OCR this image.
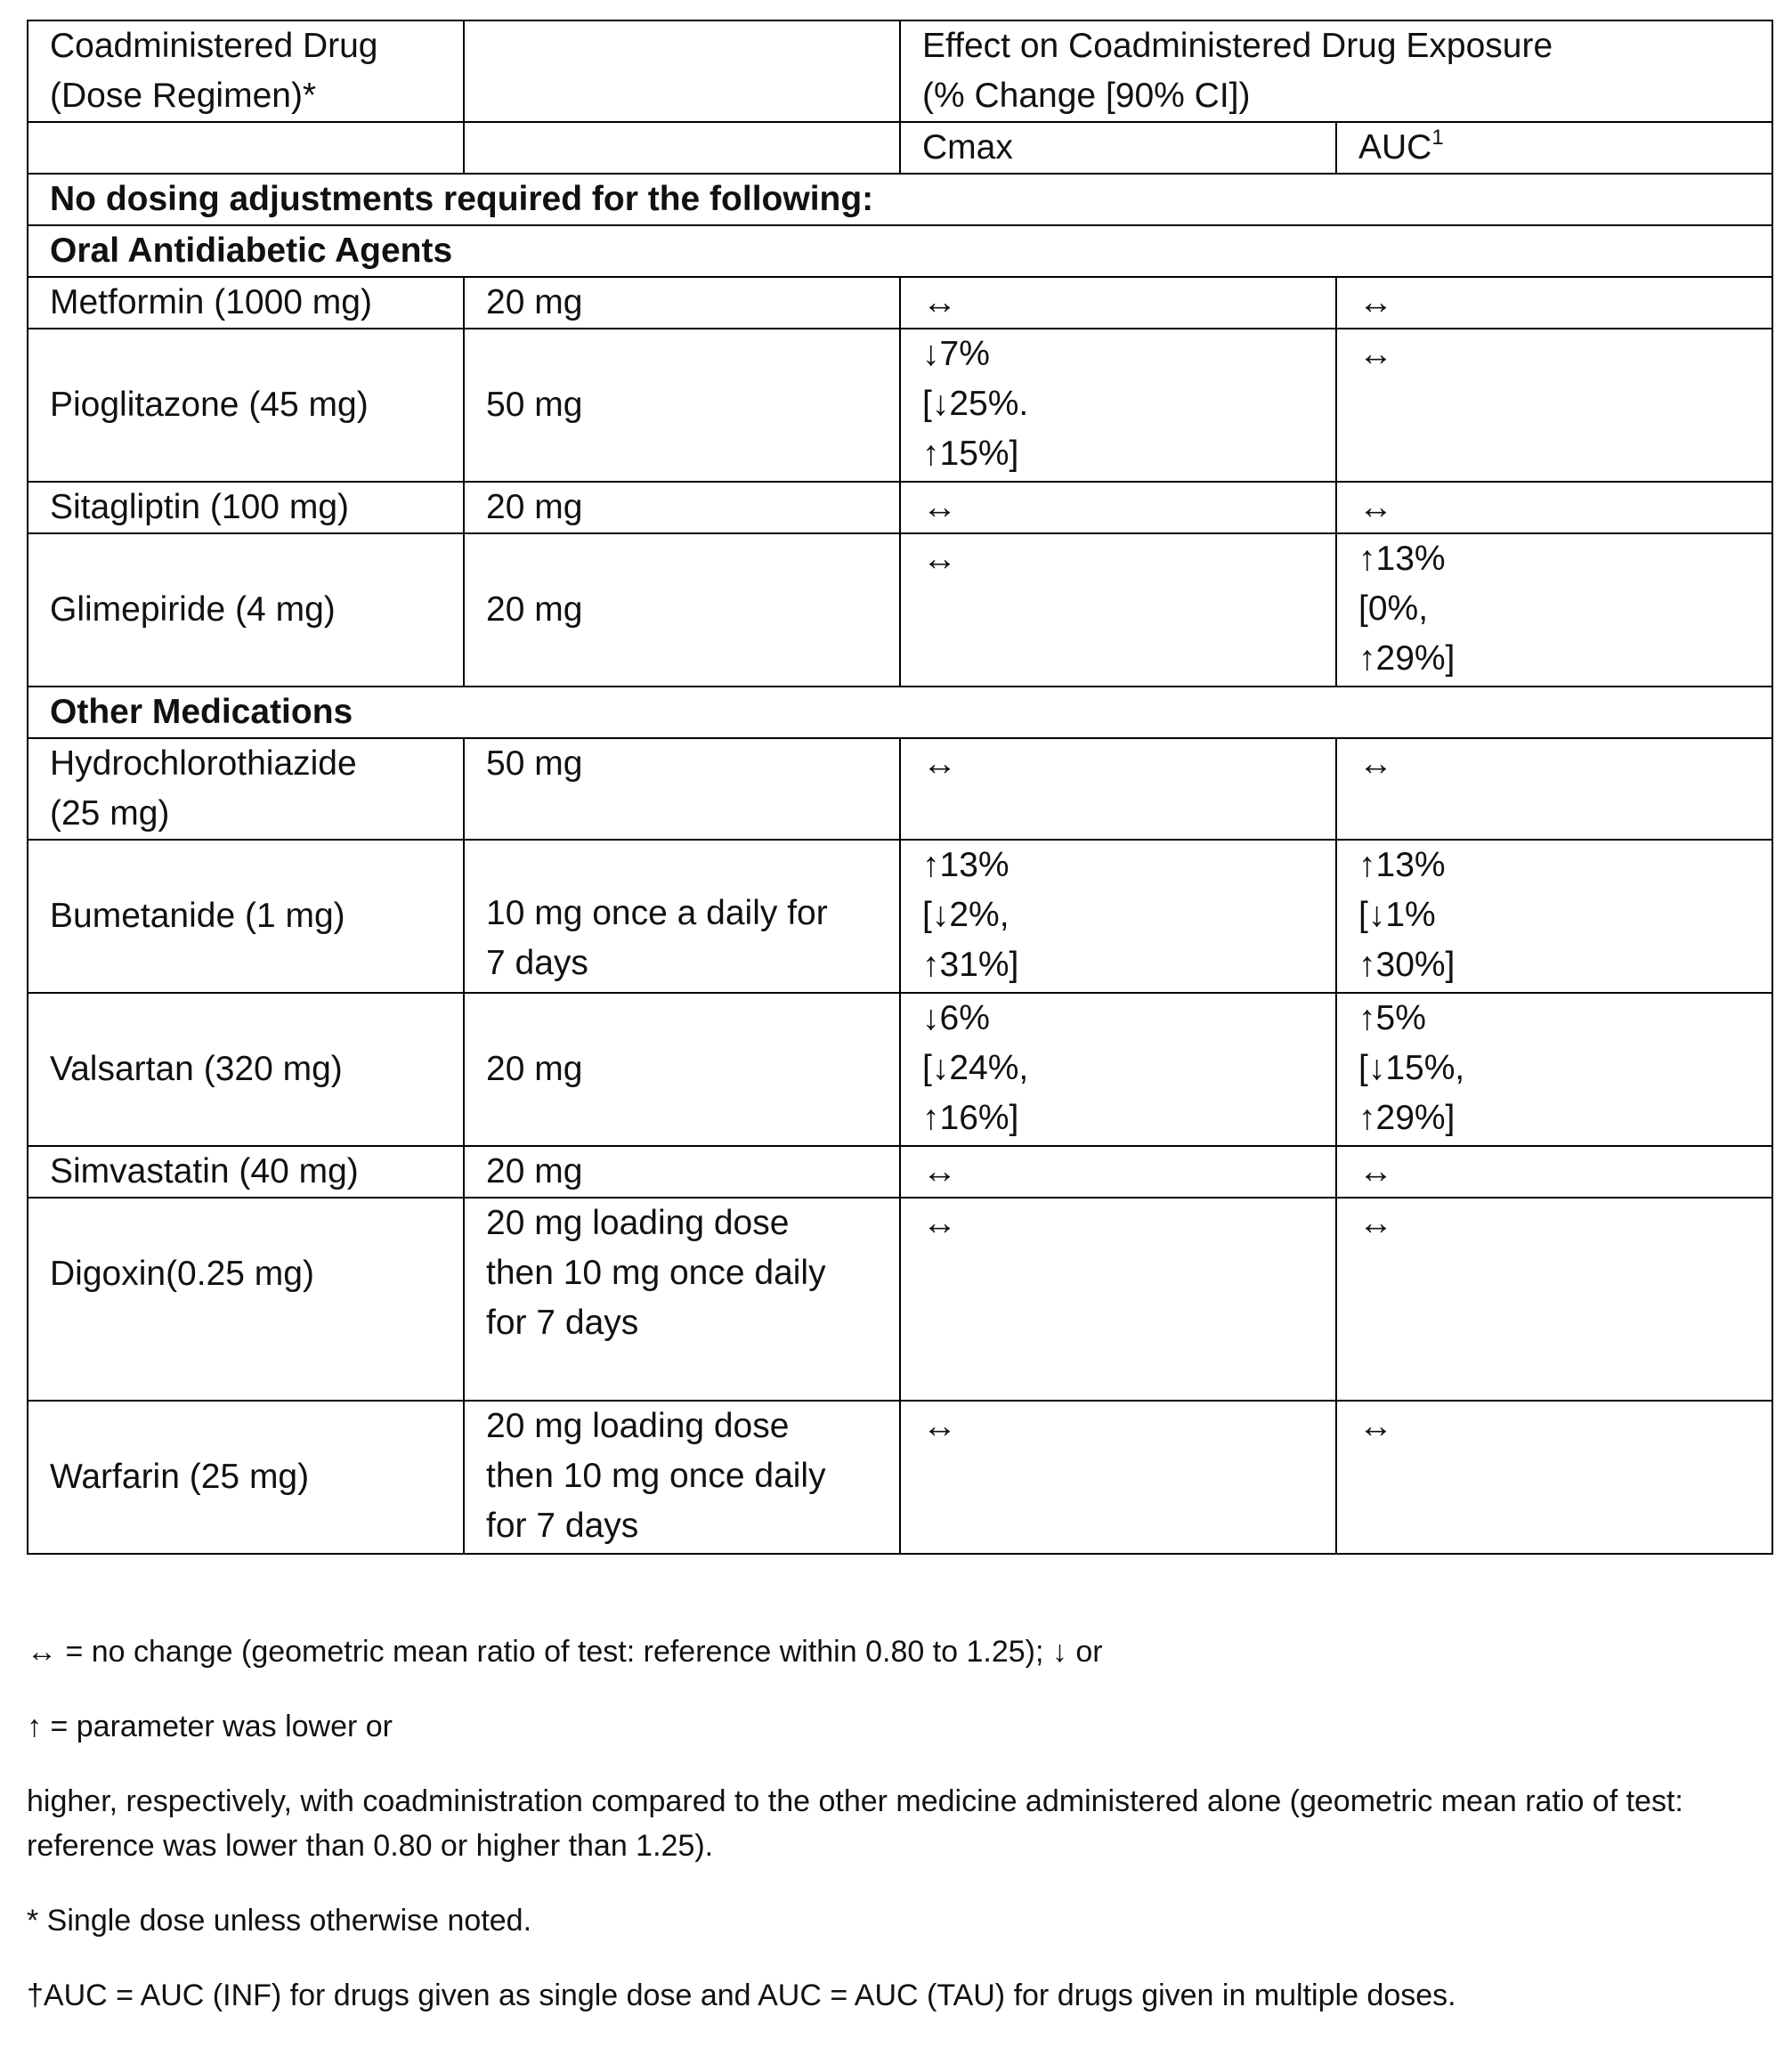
Coadministered Drug
(Dose Regimen)*		Effect on Coadministered Drug Exposure
(% Change [90% CI])	
		Cmax	AUC$^1$
No dosing adjustments required for the following:			
Oral Antidiabetic Agents			
Metformin (1000 mg)	20 mg	↔	↔
Pioglitazone (45 mg)	50 mg	↓7%
[↓25%.
↑15%]	↔
Sitagliptin (100 mg)	20 mg	↔	↔
Glimepiride (4 mg)	20 mg	↔	↑13%
[0%,
↑29%]
Other Medications			
Hydrochlorothiazide
(25 mg)	50 mg	↔	↔
Bumetanide (1 mg)	10 mg once a daily for
7 days	↑13%
[↓2%,
↑31%]	↑13%
[↓1%
↑30%]
Valsartan (320 mg)	20 mg	↓6%
[↓24%,
↑16%]	↑5%
[↓15%,
↑29%]
Simvastatin (40 mg)	20 mg	↔	↔
Digoxin(0.25 mg)	20 mg loading dose
then 10 mg once daily
for 7 days	↔	↔
Warfarin (25 mg)	20 mg loading dose
then 10 mg once daily
for 7 days	↔	↔

↔ = no change (geometric mean ratio of test: reference within 0.80 to 1.25); ↓ or

↑ = parameter was lower or

higher, respectively, with coadministration compared to the other medicine administered alone (geometric mean ratio of test: reference was lower than 0.80 or higher than 1.25).

* Single dose unless otherwise noted.

†AUC = AUC (INF) for drugs given as single dose and AUC = AUC (TAU) for drugs given in multiple doses.
